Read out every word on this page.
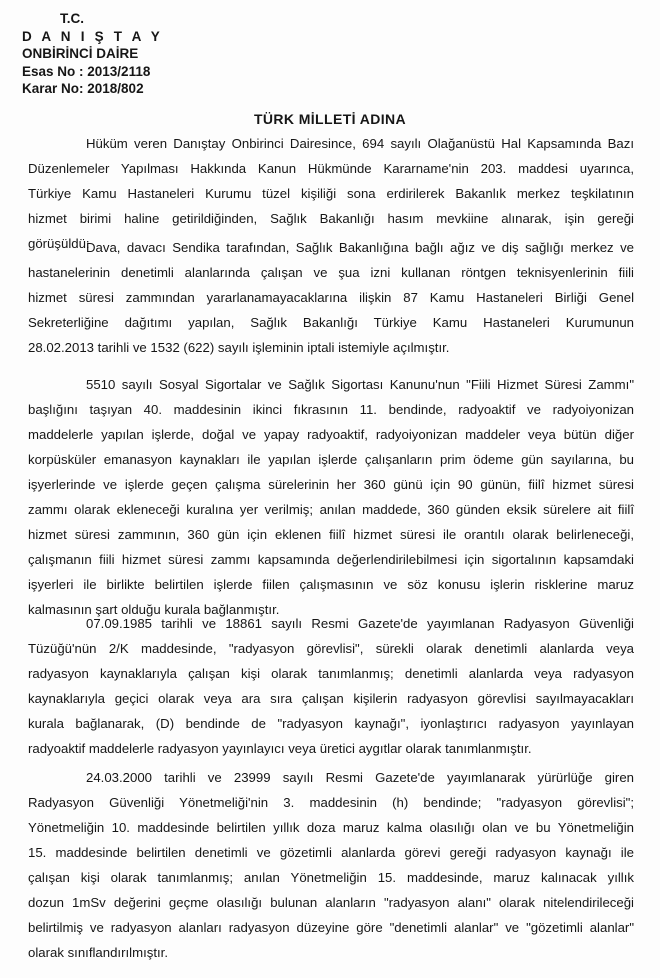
T.C.
D A N I Ş T A Y
ONBİRİNCİ DAİRE
Esas No : 2013/2118
Karar No: 2018/802
TÜRK MİLLETİ ADINA
Hüküm veren Danıştay Onbirinci Dairesince, 694 sayılı Olağanüstü Hal Kapsamında Bazı
Düzenlemeler Yapılması Hakkında Kanun Hükmünde Kararname'nin 203. maddesi uyarınca,
Türkiye Kamu Hastaneleri Kurumu tüzel kişiliği sona erdirilerek Bakanlık merkez teşkilatının
hizmet birimi haline getirildiğinden, Sağlık Bakanlığı hasım mevkiine alınarak, işin gereği
görüşüldü:
Dava, davacı Sendika tarafından, Sağlık Bakanlığına bağlı ağız ve diş sağlığı merkez ve
hastanelerinin denetimli alanlarında çalışan ve şua izni kullanan röntgen teknisyenlerinin fiili
hizmet süresi zammından yararlanamayacaklarına ilişkin 87 Kamu Hastaneleri Birliği Genel
Sekreterliğine dağıtımı yapılan, Sağlık Bakanlığı Türkiye Kamu Hastaneleri Kurumunun
28.02.2013 tarihli ve 1532 (622) sayılı işleminin iptali istemiyle açılmıştır.
5510 sayılı Sosyal Sigortalar ve Sağlık Sigortası Kanunu'nun "Fiili Hizmet Süresi Zammı"
başlığını taşıyan 40. maddesinin ikinci fıkrasının 11. bendinde, radyoaktif ve radyoiyonizan
maddelerle yapılan işlerde, doğal ve yapay radyoaktif, radyoiyonizan maddeler veya bütün diğer
korpüsküler emanasyon kaynakları ile yapılan işlerde çalışanların prim ödeme gün sayılarına, bu
işyerlerinde ve işlerde geçen çalışma sürelerinin her 360 günü için 90 günün, fiilî hizmet süresi
zammı olarak ekleneceği kuralına yer verilmiş; anılan maddede, 360 günden eksik sürelere ait fiilî
hizmet süresi zammının, 360 gün için eklenen fiilî hizmet süresi ile orantılı olarak belirleneceği,
çalışmanın fiili hizmet süresi zammı kapsamında değerlendirilebilmesi için sigortalının kapsamdaki
işyerleri ile birlikte belirtilen işlerde fiilen çalışmasının ve söz konusu işlerin risklerine maruz
kalmasının şart olduğu kurala bağlanmıştır.
07.09.1985 tarihli ve 18861 sayılı Resmi Gazete'de yayımlanan Radyasyon Güvenliği
Tüzüğü'nün 2/K maddesinde, "radyasyon görevlisi", sürekli olarak denetimli alanlarda veya
radyasyon kaynaklarıyla çalışan kişi olarak tanımlanmış; denetimli alanlarda veya radyasyon
kaynaklarıyla geçici olarak veya ara sıra çalışan kişilerin radyasyon görevlisi sayılmayacakları
kurala bağlanarak, (D) bendinde de "radyasyon kaynağı", iyonlaştırıcı radyasyon yayınlayan
radyoaktif maddelerle radyasyon yayınlayıcı veya üretici aygıtlar olarak tanımlanmıştır.
24.03.2000 tarihli ve 23999 sayılı Resmi Gazete'de yayımlanarak yürürlüğe giren
Radyasyon Güvenliği Yönetmeliği'nin 3. maddesinin (h) bendinde; "radyasyon görevlisi";
Yönetmeliğin 10. maddesinde belirtilen yıllık doza maruz kalma olasılığı olan ve bu Yönetmeliğin
15. maddesinde belirtilen denetimli ve gözetimli alanlarda görevi gereği radyasyon kaynağı ile
çalışan kişi olarak tanımlanmış; anılan Yönetmeliğin 15. maddesinde, maruz kalınacak yıllık
dozun 1mSv değerini geçme olasılığı bulunan alanların "radyasyon alanı" olarak nitelendirileceği
belirtilmiş ve radyasyon alanları radyasyon düzeyine göre "denetimli alanlar" ve "gözetimli alanlar"
olarak sınıflandırılmıştır.
